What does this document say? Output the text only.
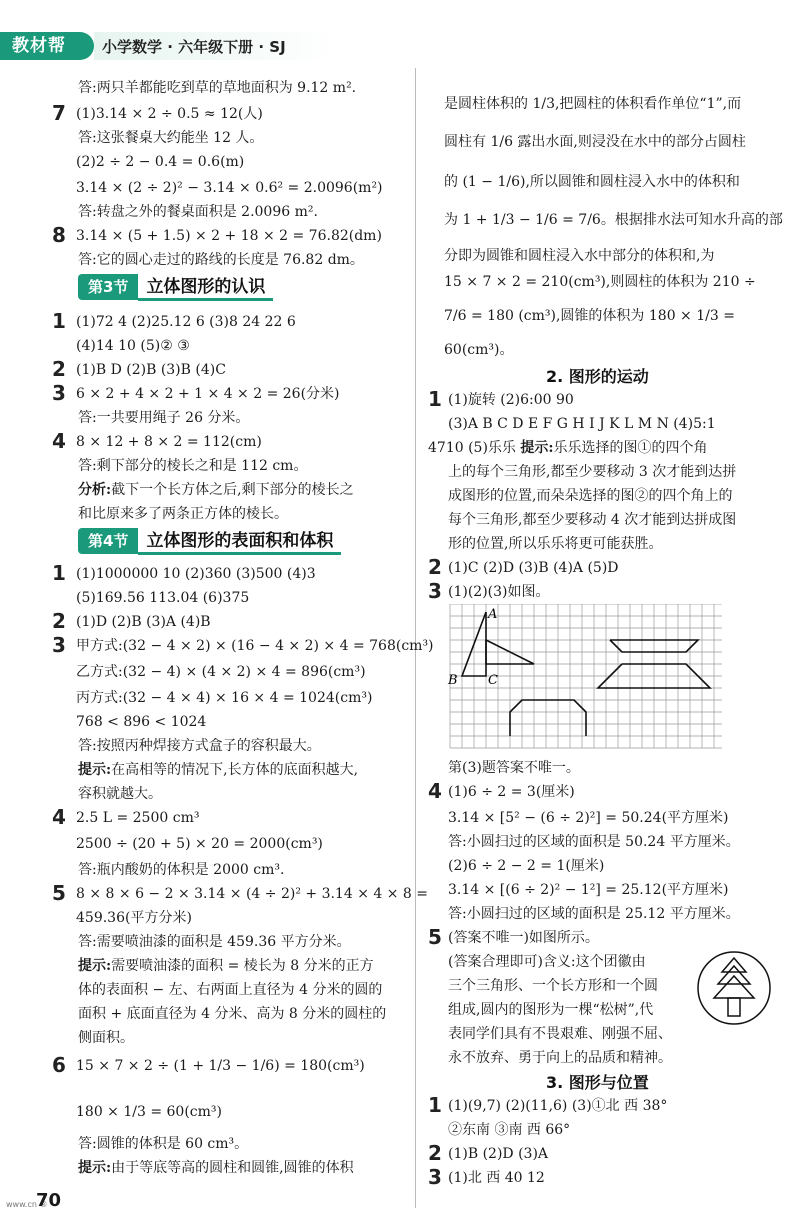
教材帮	小学数学 · 六年级下册 · SJ
答:两只羊都能吃到草的草地面积为 9.12 m².
7 (1)3.14 × 2 ÷ 0.5 ≈ 12(人)
答:这张餐桌大约能坐 12 人。
(2)2 ÷ 2 − 0.4 = 0.6(m)
3.14 × (2 ÷ 2)² − 3.14 × 0.6² = 2.0096(m²)
答:转盘之外的餐桌面积是 2.0096 m².
8 3.14 × (5 + 1.5) × 2 + 18 × 2 = 76.82(dm)
答:它的圆心走过的路线的长度是 76.82 dm。
第3节 立体图形的认识
1 (1)72 4 (2)25.12 6 (3)8 24 22 6
(4)14 10 (5)② ③
2 (1)B D (2)B (3)B (4)C
3 6 × 2 + 4 × 2 + 1 × 4 × 2 = 26(分米)
答:一共要用绳子 26 分米。
4 8 × 12 + 8 × 2 = 112(cm)
答:剩下部分的棱长之和是 112 cm。
分析:截下一个长方体之后,剩下部分的棱长之
和比原来多了两条正方体的棱长。
第4节 立体图形的表面积和体积
1 (1)1000000 10 (2)360 (3)500 (4)3
(5)169.56 113.04 (6)375
2 (1)D (2)B (3)A (4)B
3 甲方式:(32 − 4 × 2) × (16 − 4 × 2) × 4 = 768(cm³)
乙方式:(32 − 4) × (4 × 2) × 4 = 896(cm³)
丙方式:(32 − 4 × 4) × 16 × 4 = 1024(cm³)
768 < 896 < 1024
答:按照丙种焊接方式盒子的容积最大。
提示:在高相等的情况下,长方体的底面积越大,
容积就越大。
4 2.5 L = 2500 cm³
2500 ÷ (20 + 5) × 20 = 2000(cm³)
答:瓶内酸奶的体积是 2000 cm³.
5 8 × 8 × 6 − 2 × 3.14 × (4 ÷ 2)² + 3.14 × 4 × 8 =
459.36(平方分米)
答:需要喷油漆的面积是 459.36 平方分米。
提示:需要喷油漆的面积 = 棱长为 8 分米的正方
体的表面积 − 左、右两面上直径为 4 分米的圆的
面积 + 底面直径为 4 分米、高为 8 分米的圆柱的
侧面积。
6 15 × 7 × 2 ÷ (1 + 1/3 − 1/6) = 180(cm³)
180 × 1/3 = 60(cm³)
答:圆锥的体积是 60 cm³。
提示:由于等底等高的圆柱和圆锥,圆锥的体积
是圆柱体积的 1/3,把圆柱的体积看作单位“1”,而
圆柱有 1/6 露出水面,则浸没在水中的部分占圆柱
的 (1 − 1/6),所以圆锥和圆柱浸入水中的体积和
为 1 + 1/3 − 1/6 = 7/6。根据排水法可知水升高的部
分即为圆锥和圆柱浸入水中部分的体积和,为
15 × 7 × 2 = 210(cm³),则圆柱的体积为 210 ÷
7/6 = 180 (cm³),圆锥的体积为 180 × 1/3 =
60(cm³)。
2. 图形的运动
1 (1)旋转 (2)6:00 90
(3)A B C D E F G H I J K L M N (4)5:1
4710 (5)乐乐 提示:乐乐选择的图①的四个角
上的每个三角形,都至少要移动 3 次才能到达拼
成图形的位置,而朵朵选择的图②的四个角上的
每个三角形,都至少要移动 4 次才能到达拼成图
形的位置,所以乐乐将更可能获胜。
2 (1)C (2)D (3)B (4)A (5)D
3 (1)(2)(3)如图。
A
B C
第(3)题答案不唯一。
4 (1)6 ÷ 2 = 3(厘米)
3.14 × [5² − (6 ÷ 2)²] = 50.24(平方厘米)
答:小圆扫过的区域的面积是 50.24 平方厘米。
(2)6 ÷ 2 − 2 = 1(厘米)
3.14 × [(6 ÷ 2)² − 1²] = 25.12(平方厘米)
答:小圆扫过的区域的面积是 25.12 平方厘米。
5 (答案不唯一)如图所示。
(答案合理即可)含义:这个团徽由
三个三角形、一个长方形和一个圆
组成,圆内的图形为一棵“松树”,代
表同学们具有不畏艰难、刚强不屈、
永不放弃、勇于向上的品质和精神。
3. 图形与位置
1 (1)(9,7) (2)(11,6) (3)①北 西 38°
②东南 ③南 西 66°
2 (1)B (2)D (3)A
3 (1)北 西 40 12
www.cn ®
70
